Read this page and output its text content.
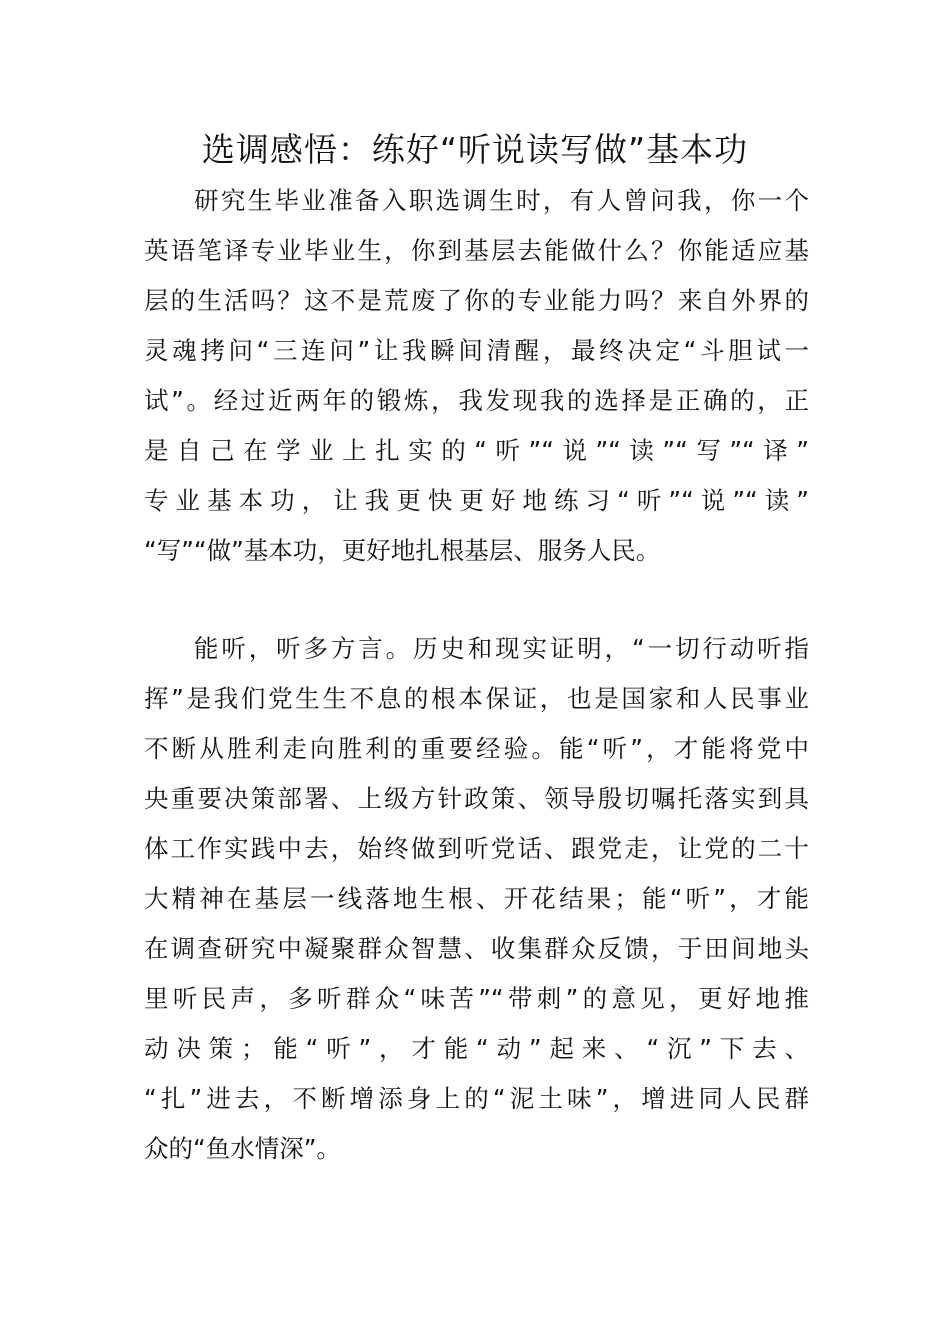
选调感悟：练好“听说读写做”基本功
研究生毕业准备入职选调生时，有人曾问我，你一个
英语笔译专业毕业生，你到基层去能做什么？你能适应基
层的生活吗？这不是荒废了你的专业能力吗？来自外界的
灵魂拷问“三连问”让我瞬间清醒，最终决定“斗胆试一
试”。经过近两年的锻炼，我发现我的选择是正确的，正
是自己在学业上扎实的“听”“说”“读”“写”“译”
专业基本功，让我更快更好地练习“听”“说”“读”
“写”“做”基本功，更好地扎根基层、服务人民。
能听，听多方言。历史和现实证明，“一切行动听指
挥”是我们党生生不息的根本保证，也是国家和人民事业
不断从胜利走向胜利的重要经验。能“听”，才能将党中
央重要决策部署、上级方针政策、领导殷切嘱托落实到具
体工作实践中去，始终做到听党话、跟党走，让党的二十
大精神在基层一线落地生根、开花结果；能“听”，才能
在调查研究中凝聚群众智慧、收集群众反馈，于田间地头
里听民声，多听群众“味苦”“带刺”的意见，更好地推
动决策；能“听”，才能“动”起来、“沉”下去、
“扎”进去，不断增添身上的“泥土味”，增进同人民群
众的“鱼水情深”。
